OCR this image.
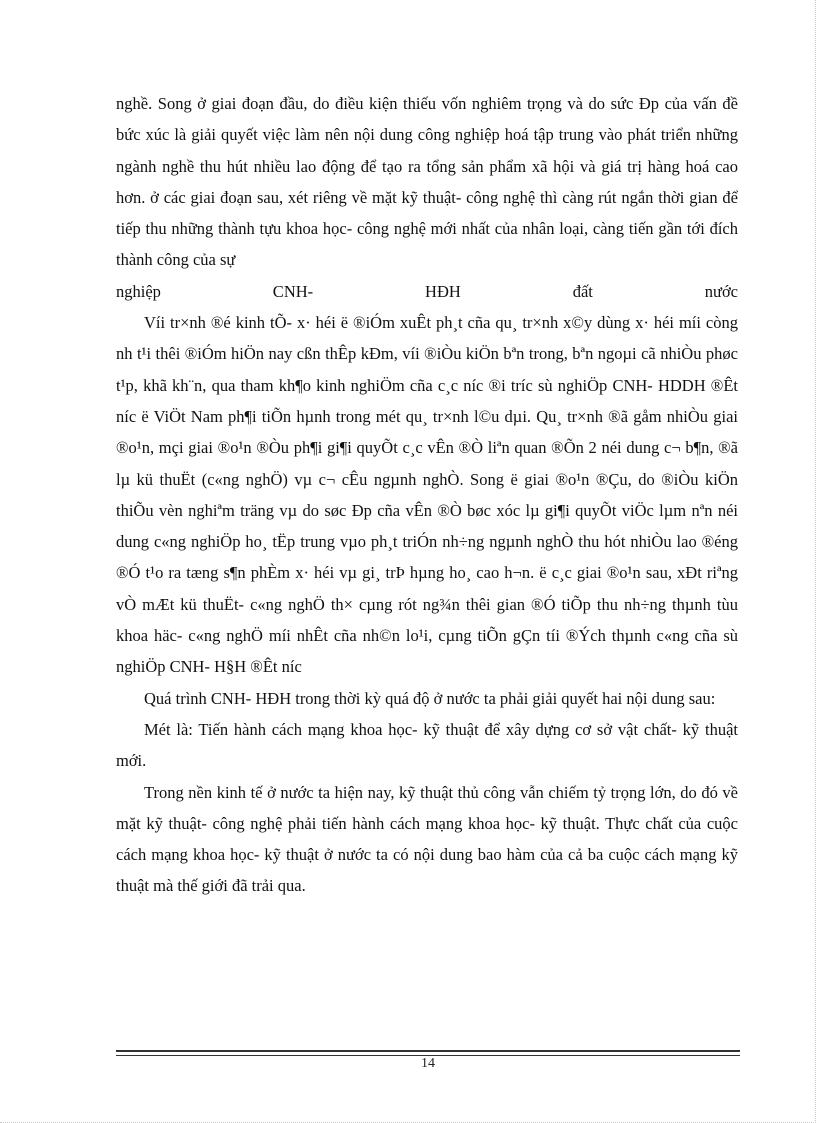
nghề. Song ở giai đoạn đầu, do điều kiện thiếu vốn nghiêm trọng và do sức Ðp của vấn đề bức xúc là giải quyết việc làm nên nội dung công nghiệp hoá tập trung vào phát triển những ngành nghề thu hút nhiều lao động để tạo ra tổng sản phẩm xã hội và giá trị hàng hoá cao hơn. ở các giai đoạn sau, xét riêng về mặt kỹ thuật- công nghệ thì càng rút ngắn thời gian để tiếp thu những thành tựu khoa học- công nghệ mới nhất của nhân loại, càng tiến gần tới đích thành công của sự

nghiệp CNH- HĐH đất nước

Víi tr×nh ®é kinh tÕ- x· héi ë ®iÓm xuÊt ph¸t cña qu¸ tr×nh x©y dùng x· héi míi còng nh t¹i thêi ®iÓm hiÖn nay cßn thÊp kÐm, víi ®iÒu kiÖn bªn trong, bªn ngoµi cã nhiÒu phøc t¹p, khã kh¨n, qua tham kh¶o kinh nghiÖm cña c¸c níc ®i tríc sù nghiÖp CNH- HDDH ®Êt níc ë ViÖt Nam ph¶i tiÕn hµnh trong mét qu¸ tr×nh l©u dµi. Qu¸ tr×nh ®ã gåm nhiÒu giai ®o¹n, mçi giai ®o¹n ®Òu ph¶i gi¶i quyÕt c¸c vÊn ®Ò liªn quan ®Õn 2 néi dung c¬ b¶n, ®ã lµ kü thuËt (c«ng nghÖ) vµ c¬ cÊu ngµnh nghÒ. Song ë giai ®o¹n ®Çu, do ®iÒu kiÖn thiÕu vèn nghiªm träng vµ do søc Ðp cña vÊn ®Ò bøc xóc lµ gi¶i quyÕt viÖc lµm nªn néi dung c«ng nghiÖp ho¸ tËp trung vµo ph¸t triÓn nh÷ng ngµnh nghÒ thu hót nhiÒu lao ®éng ®Ó t¹o ra tæng s¶n phÈm x· héi vµ gi¸ trÞ hµng ho¸ cao h¬n. ë c¸c giai ®o¹n sau, xÐt riªng vÒ mÆt kü thuËt- c«ng nghÖ th× cµng rót ng¾n thêi gian ®Ó tiÕp thu nh÷ng thµnh tùu khoa häc- c«ng nghÖ míi nhÊt cña nh©n lo¹i, cµng tiÕn gÇn tíi ®Ých thµnh c«ng cña sù nghiÖp CNH- H§H ®Êt níc

Quá trình CNH- HĐH trong thời kỳ quá độ ở nước ta phải giải quyết hai nội dung sau:

Mét là: Tiến hành cách mạng khoa học- kỹ thuật để xây dựng cơ sở vật chất- kỹ thuật mới.

Trong nền kinh tế ở nước ta hiện nay, kỹ thuật thủ công vẫn chiếm tỷ trọng lớn, do đó về mặt kỹ thuật- công nghệ phải tiến hành cách mạng khoa học- kỹ thuật. Thực chất của cuộc cách mạng khoa học- kỹ thuật ở nước ta có nội dung bao hàm của cả ba cuộc cách mạng kỹ thuật mà thế giới đã trải qua.

14
